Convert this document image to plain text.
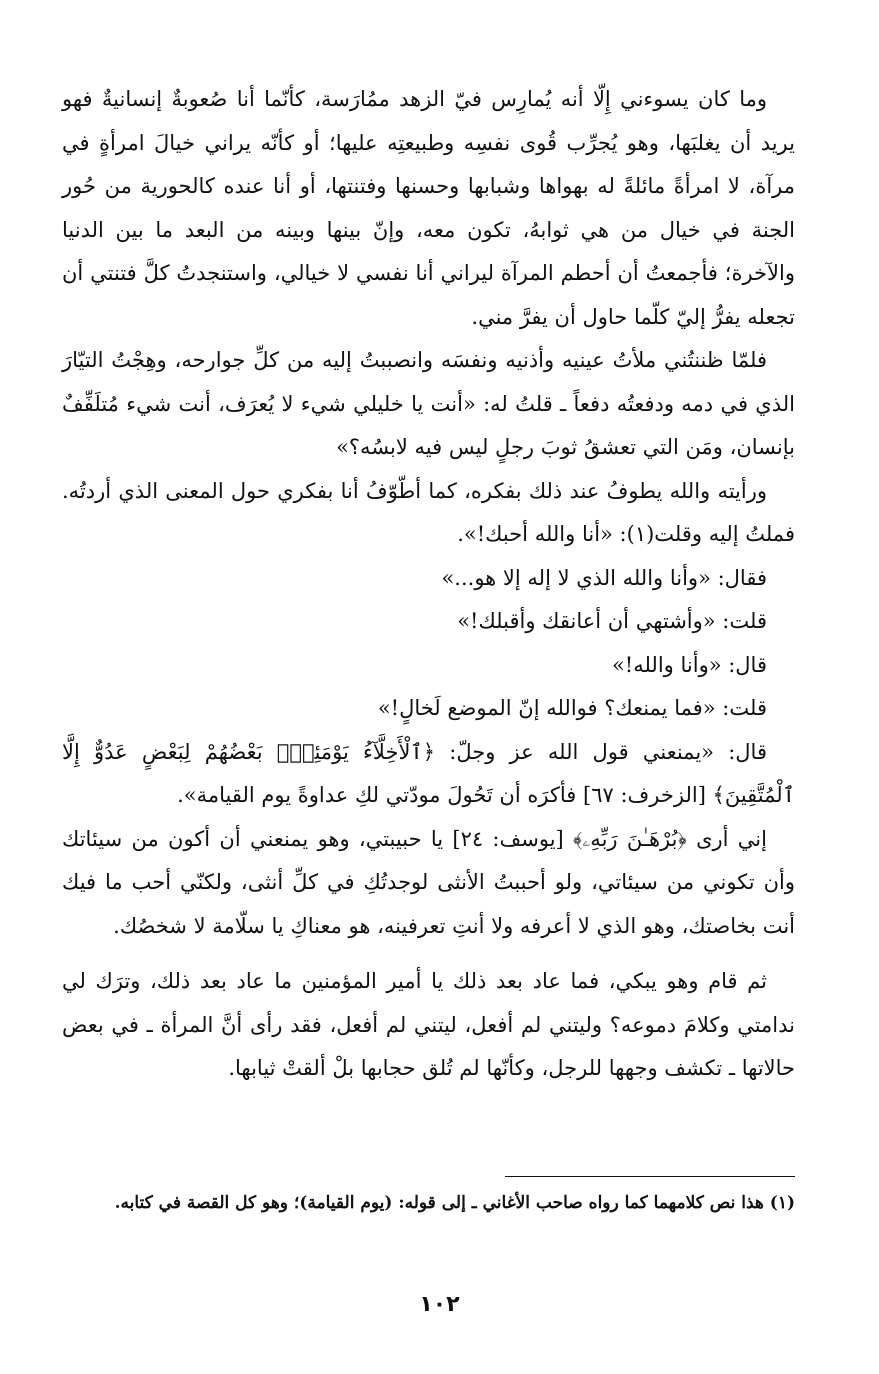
وما كان يسوءني إِلّا أنه يُمارِس فيّ الزهد ممُارَسة، كأنّما أنا صُعوبةٌ إنسانيةٌ فهو يريد أن يغلبَها، وهو يُجرِّب قُوى نفسِه وطبيعتِه عليها؛ أو كأنّه يراني خيالَ امرأةٍ في مرآة، لا امرأةً مائلةً له بهواها وشبابها وحسنها وفتنتها، أو أنا عنده كالحورية من حُور الجنة في خيال من هي ثوابهُ، تكون معه، وإنّ بينها وبينه من البعد ما بين الدنيا والآخرة؛ فأجمعتُ أن أحطم المرآة ليراني أنا نفسي لا خيالي، واستنجدتُ كلَّ فتنتي أن تجعله يفرُّ إليّ كلّما حاول أن يفرَّ مني.

فلمّا ظننتُني ملأتُ عينيه وأذنيه ونفسَه وانصببتُ إليه من كلِّ جوارحه، وهِجْتُ التيّارَ الذي في دمه ودفعتُه دفعاً ـ قلتُ له: «أنت يا خليلي شيء لا يُعرَف، أنت شيء مُتلَفِّفٌ بإنسان، ومَن التي تعشقُ ثوبَ رجلٍ ليس فيه لابسُه؟»

ورأيته والله يطوفُ عند ذلك بفكره، كما أطّوّفُ أنا بفكري حول المعنى الذي أردتُه. فملتُ إليه وقلت(١): «أنا والله أحبك!».

فقال: «وأنا والله الذي لا إله إلا هو...»

قلت: «وأشتهي أن أعانقك وأقبلك!»

قال: «وأنا والله!»

قلت: «فما يمنعك؟ فوالله إنّ الموضع لَخالٍ!»

قال: «يمنعني قول الله عز وجلّ: ﴿ٱلْأَخِلَّآءُ يَوْمَئِذٍۭ بَعْضُهُمْ لِبَعْضٍ عَدُوٌّ إِلَّا ٱلْمُتَّقِينَ﴾ [الزخرف: ٦٧] فأكرَه أن تَحُولَ مودّتي لكِ عداوةً يوم القيامة».

إني أرى ﴿بُرْهَـٰنَ رَبِّهِۦ﴾ [يوسف: ٢٤] يا حبيبتي، وهو يمنعني أن أكون من سيئاتك وأن تكوني من سيئاتي، ولو أحببتُ الأنثى لوجدتُكِ في كلِّ أنثى، ولكنّي أحب ما فيك أنت بخاصتك، وهو الذي لا أعرفه ولا أنتِ تعرفينه، هو معناكِ يا سلّامة لا شخصُك.

ثم قام وهو يبكي، فما عاد بعد ذلك يا أمير المؤمنين ما عاد بعد ذلك، وترَك لي ندامتي وكلامَ دموعه؟ وليتني لم أفعل، ليتني لم أفعل، فقد رأى أنَّ المرأة ـ في بعض حالاتها ـ تكشف وجهها للرجل، وكأنّها لم تُلق حجابها بلْ ألقتْ ثيابها.

(١) هذا نص كلامهما كما رواه صاحب الأغاني ـ إلى قوله: (يوم القيامة)؛ وهو كل القصة في كتابه.
١٠٢
